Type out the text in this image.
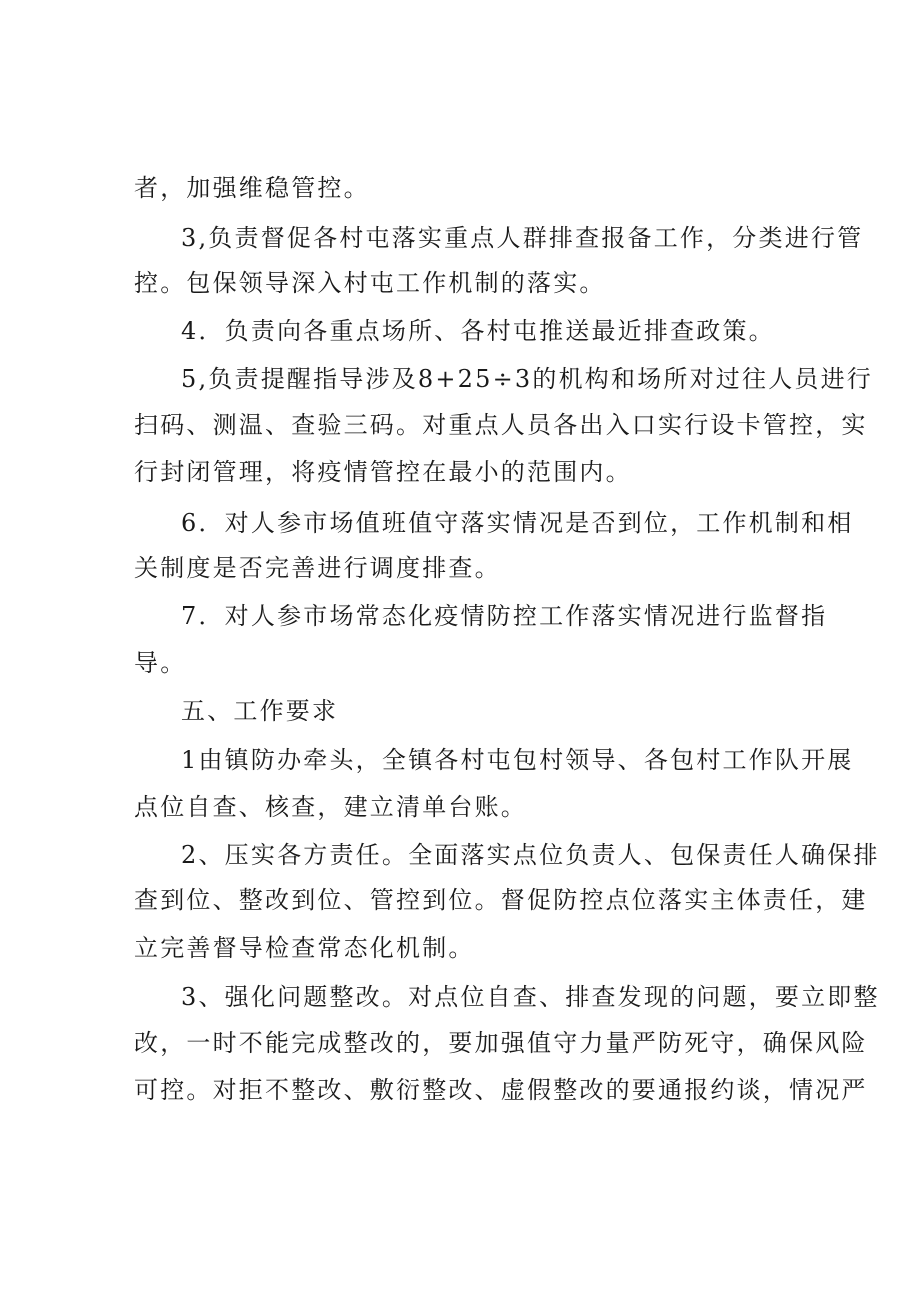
者，加强维稳管控。

3,负责督促各村屯落实重点人群排查报备工作，分类进行管

控。包保领导深入村屯工作机制的落实。

4．负责向各重点场所、各村屯推送最近排查政策。

5,负责提醒指导涉及8+25÷3的机构和场所对过往人员进行

扫码、测温、查验三码。对重点人员各出入口实行设卡管控，实

行封闭管理，将疫情管控在最小的范围内。

6．对人参市场值班值守落实情况是否到位，工作机制和相

关制度是否完善进行调度排查。

7．对人参市场常态化疫情防控工作落实情况进行监督指

导。

五、工作要求

1由镇防办牵头，全镇各村屯包村领导、各包村工作队开展

点位自查、核查，建立清单台账。

2、压实各方责任。全面落实点位负责人、包保责任人确保排

查到位、整改到位、管控到位。督促防控点位落实主体责任，建

立完善督导检查常态化机制。

3、强化问题整改。对点位自查、排查发现的问题，要立即整

改，一时不能完成整改的，要加强值守力量严防死守，确保风险

可控。对拒不整改、敷衍整改、虚假整改的要通报约谈，情况严
